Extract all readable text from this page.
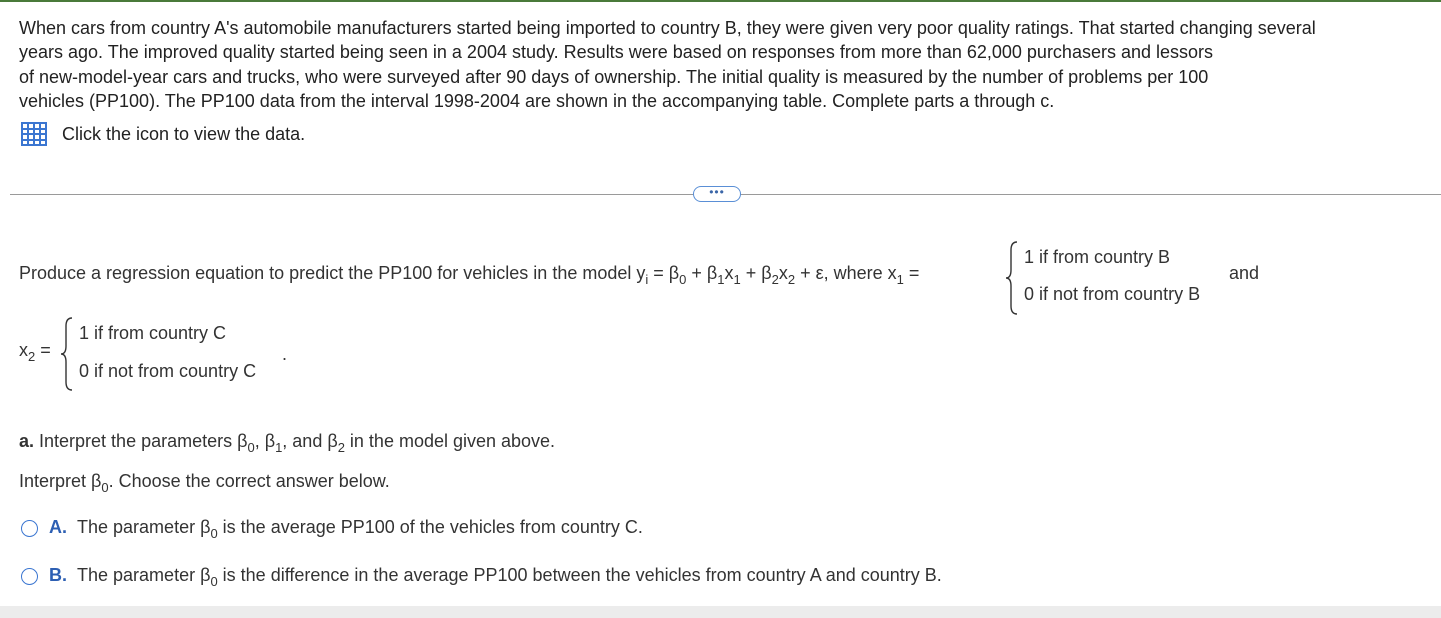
When cars from country A's automobile manufacturers started being imported to country B, they were given very poor quality ratings. That started changing several

years ago. The improved quality started being seen in a 2004 study. Results were based on responses from more than 62,000 purchasers and lessors

of new-model-year cars and trucks, who were surveyed after 90 days of ownership. The initial quality is measured by the number of problems per 100

vehicles (PP100). The PP100 data from the interval 1998-2004 are shown in the accompanying table. Complete parts a through c.

Click the icon to view the data.
•••
Produce a regression equation to predict the PP100 for vehicles in the model $y_i = \beta_0 + \beta_1x_1 + \beta_2x_2 + \varepsilon$, where $x_1$ =
1 if from country B
0 if not from country B
and
$x_2$ =
1 if from country C
0 if not from country C
.
a. Interpret the parameters $\beta_0$, $\beta_1$, and $\beta_2$ in the model given above.
Interpret $\beta_0$. Choose the correct answer below.
A. The parameter $\beta_0$ is the average PP100 of the vehicles from country C.
B. The parameter $\beta_0$ is the difference in the average PP100 between the vehicles from country A and country B.
